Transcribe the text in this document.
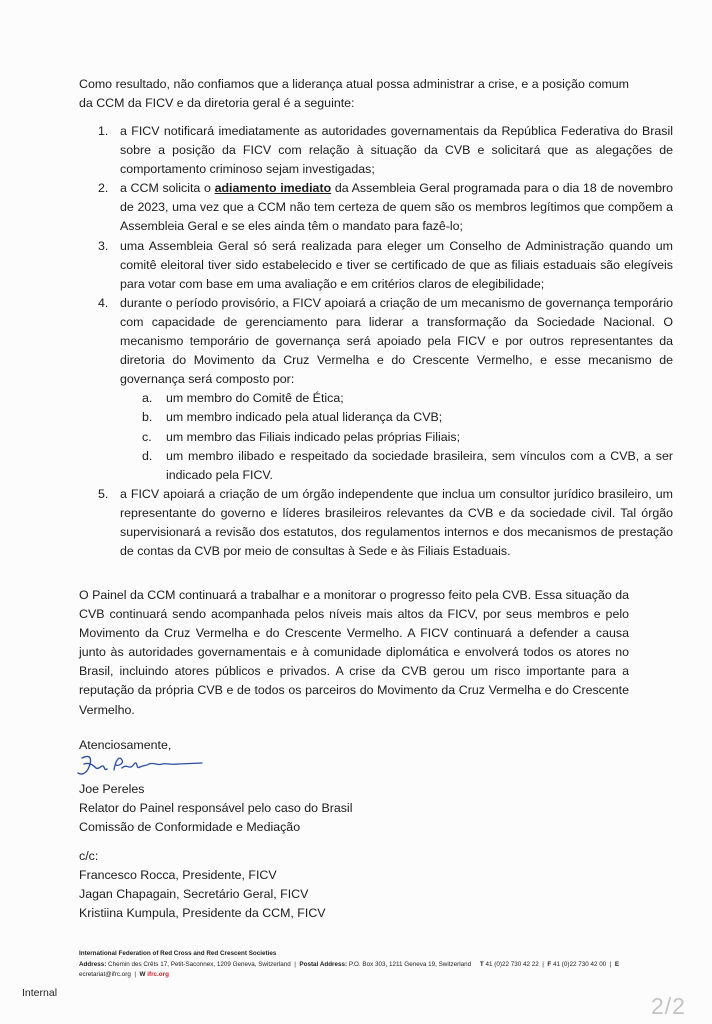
Como resultado, não confiamos que a liderança atual possa administrar a crise, e a posição comum da CCM da FICV e da diretoria geral é a seguinte:

1. a FICV notificará imediatamente as autoridades governamentais da República Federativa do Brasil sobre a posição da FICV com relação à situação da CVB e solicitará que as alegações de comportamento criminoso sejam investigadas;
2. a CCM solicita o adiamento imediato da Assembleia Geral programada para o dia 18 de novembro de 2023, uma vez que a CCM não tem certeza de quem são os membros legítimos que compõem a Assembleia Geral e se eles ainda têm o mandato para fazê-lo;
3. uma Assembleia Geral só será realizada para eleger um Conselho de Administração quando um comitê eleitoral tiver sido estabelecido e tiver se certificado de que as filiais estaduais são elegíveis para votar com base em uma avaliação e em critérios claros de elegibilidade;
4. durante o período provisório, a FICV apoiará a criação de um mecanismo de governança temporário com capacidade de gerenciamento para liderar a transformação da Sociedade Nacional. O mecanismo temporário de governança será apoiado pela FICV e por outros representantes da diretoria do Movimento da Cruz Vermelha e do Crescente Vermelho, e esse mecanismo de governança será composto por:
a. um membro do Comitê de Ética;
b. um membro indicado pela atual liderança da CVB;
c. um membro das Filiais indicado pelas próprias Filiais;
d. um membro ilibado e respeitado da sociedade brasileira, sem vínculos com a CVB, a ser indicado pela FICV.
5. a FICV apoiará a criação de um órgão independente que inclua um consultor jurídico brasileiro, um representante do governo e líderes brasileiros relevantes da CVB e da sociedade civil. Tal órgão supervisionará a revisão dos estatutos, dos regulamentos internos e dos mecanismos de prestação de contas da CVB por meio de consultas à Sede e às Filiais Estaduais.

O Painel da CCM continuará a trabalhar e a monitorar o progresso feito pela CVB. Essa situação da CVB continuará sendo acompanhada pelos níveis mais altos da FICV, por seus membros e pelo Movimento da Cruz Vermelha e do Crescente Vermelho. A FICV continuará a defender a causa junto às autoridades governamentais e à comunidade diplomática e envolverá todos os atores no Brasil, incluindo atores públicos e privados. A crise da CVB gerou um risco importante para a reputação da própria CVB e de todos os parceiros do Movimento da Cruz Vermelha e do Crescente Vermelho.

Atenciosamente,
Joe Pereles
Relator do Painel responsável pelo caso do Brasil
Comissão de Conformidade e Mediação
c/c:
Francesco Rocca, Presidente, FICV
Jagan Chapagain, Secretário Geral, FICV
Kristiina Kumpula, Presidente da CCM, FICV
International Federation of Red Cross and Red Crescent Societies
Address: Chemin des Crêts 17, Petit-Saconnex, 1209 Geneva, Switzerland  |  Postal Address: P.O. Box 303, 1211 Geneva 19, Switzerland T 41 (0)22 730 42 22  |  F 41 (0)22 730 42 00  |  E ecretariat@ifrc.org  |  W ifrc.org
Internal	2/2
